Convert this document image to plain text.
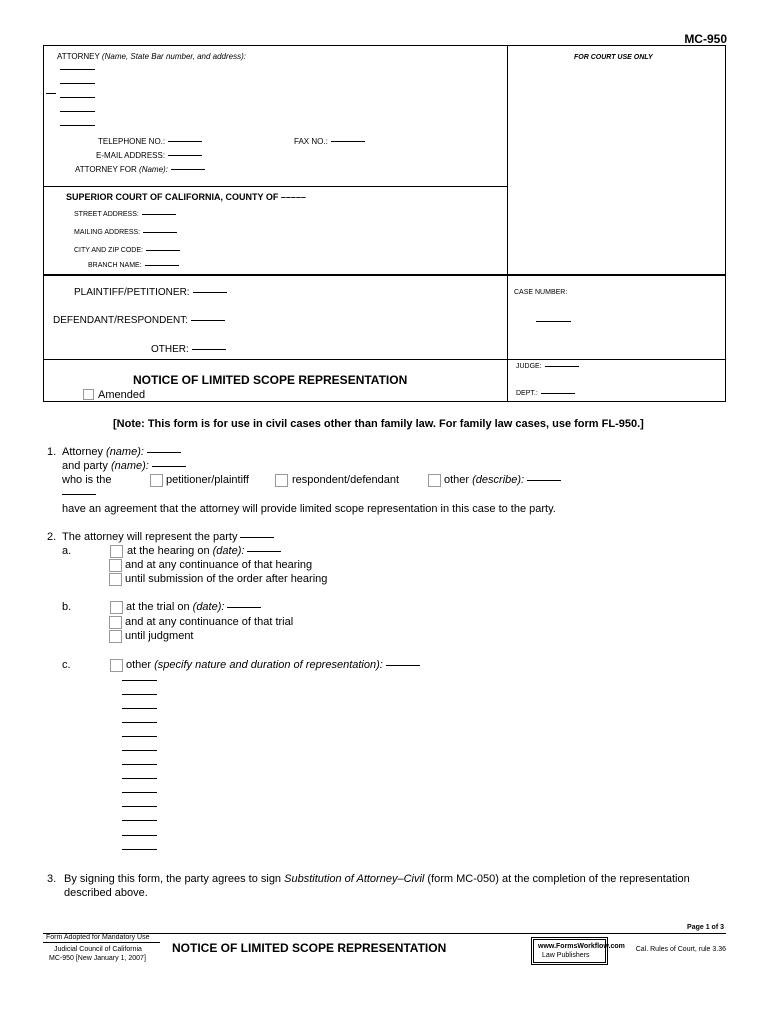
MC-950
ATTORNEY (Name, State Bar number, and address):
TELEPHONE NO.:	FAX NO.:
E-MAIL ADDRESS:
ATTORNEY FOR (Name):
FOR COURT USE ONLY
SUPERIOR COURT OF CALIFORNIA, COUNTY OF –––––
STREET ADDRESS:
MAILING ADDRESS:
CITY AND ZIP CODE:
BRANCH NAME:
PLAINTIFF/PETITIONER:
DEFENDANT/RESPONDENT:
OTHER:
CASE NUMBER:
NOTICE OF LIMITED SCOPE REPRESENTATION
Amended
JUDGE:
DEPT.:
[Note: This form is for use in civil cases other than family law. For family law cases, use form FL-950.]
1. Attorney (name):
and party (name):
who is the	petitioner/plaintiff	respondent/defendant	other (describe):
have an agreement that the attorney will provide limited scope representation in this case to the party.
2. The attorney will represent the party
a.	at the hearing on (date):
and at any continuance of that hearing
until submission of the order after hearing
b.	at the trial on (date):
and at any continuance of that trial
until judgment
c.	other (specify nature and duration of representation):
3. By signing this form, the party agrees to sign Substitution of Attorney–Civil (form MC-050) at the completion of the representation
described above.
Page 1 of 3
Form Adopted for Mandatory Use
Judicial Council of California
MC-950 [New January 1, 2007]
NOTICE OF LIMITED SCOPE REPRESENTATION	www.FormsWorkflow.com
Law Publishers
Cal. Rules of Court, rule 3.36
